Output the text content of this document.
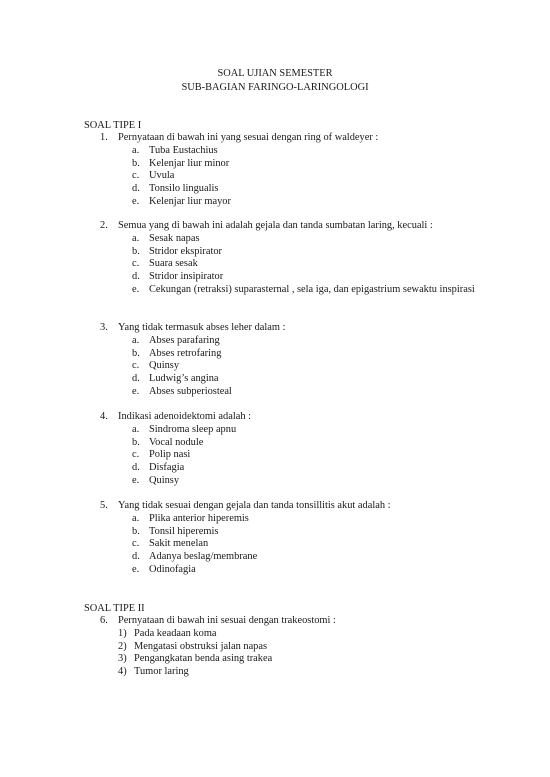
SOAL UJIAN SEMESTER
SUB-BAGIAN FARINGO-LARINGOLOGI
SOAL TIPE I
1. Pernyataan di bawah ini yang sesuai dengan ring of waldeyer :
a. Tuba Eustachius
b. Kelenjar liur minor
c. Uvula
d. Tonsilo lingualis
e. Kelenjar liur mayor
2. Semua yang di bawah ini adalah gejala dan tanda sumbatan laring, kecuali :
a. Sesak napas
b. Stridor ekspirator
c. Suara sesak
d. Stridor insipirator
e. Cekungan (retraksi) suparasternal , sela iga, dan epigastrium sewaktu inspirasi
3. Yang tidak termasuk abses leher dalam :
a. Abses parafaring
b. Abses retrofaring
c. Quinsy
d. Ludwig’s angina
e. Abses subperiosteal
4. Indikasi adenoidektomi adalah :
a. Sindroma sleep apnu
b. Vocal nodule
c. Polip nasi
d. Disfagia
e. Quinsy
5. Yang tidak sesuai dengan gejala dan tanda tonsillitis akut adalah :
a. Plika anterior hiperemis
b. Tonsil hiperemis
c. Sakit menelan
d. Adanya beslag/membrane
e. Odinofagia
SOAL TIPE II
6. Pernyataan di bawah ini sesuai dengan trakeostomi :
1) Pada keadaan koma
2) Mengatasi obstruksi jalan napas
3) Pengangkatan benda asing trakea
4) Tumor laring
